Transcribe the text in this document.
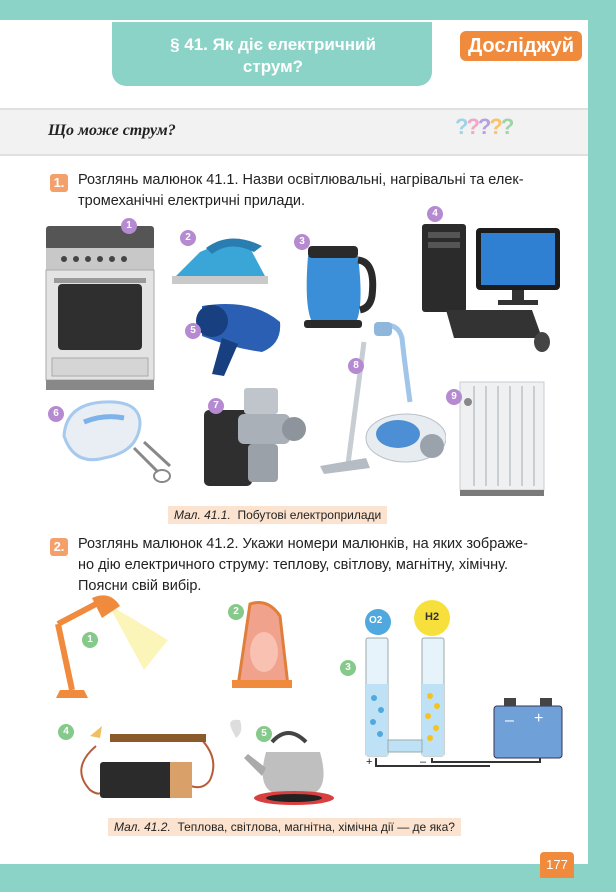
§ 41. Як діє електричний
струм?
Досліджуй
Що може струм?	?????
1. Розглянь малюнок 41.1. Назви освітлювальні, нагрівальні та елек-
тромеханічні електричні прилади.
1
2	3
4
5
6
7
8
9
Мал. 41.1. Побутові електроприлади
2. Розглянь малюнок 41.2. Укажи номери малюнків, на яких зображе-
но дію електричного струму: теплову, світлову, магнітну, хімічну.
Поясни свій вибір.
1
2
O2	H2
+	–
– +
3
4	5
Мал. 41.2. Теплова, світлова, магнітна, хімічна дії — де яка?
177
